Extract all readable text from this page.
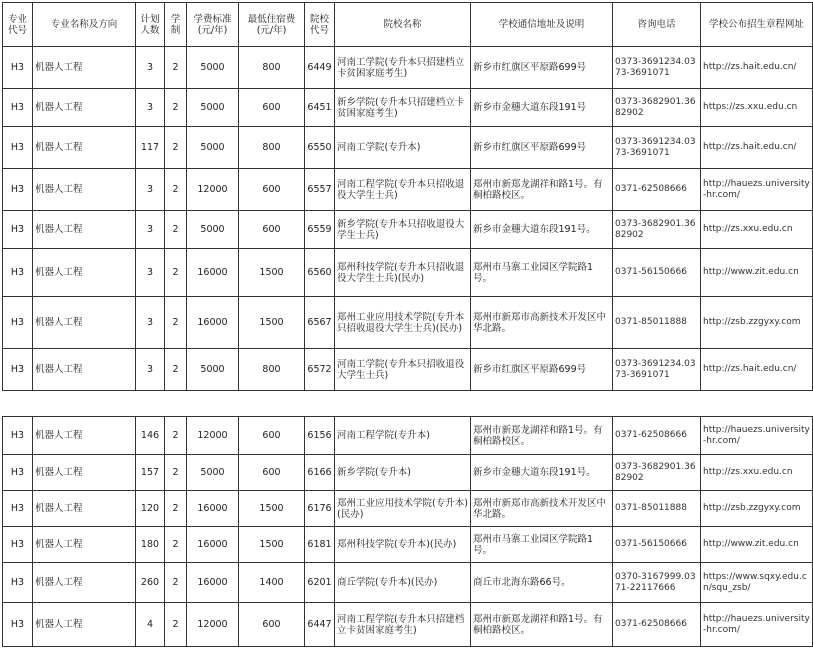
专业代号	专业名称及方向	计划人数	学制	学费标准(元/年)	最低住宿费(元/年)	院校代号	院校名称	学校通信地址及说明	咨询电话	学校公布招生章程网址
H3	机器人工程	3	2	5000	800	6449	河南工学院(专升本只招建档立卡贫困家庭考生)	新乡市红旗区平原路699号	0373-3691234.0373-3691071	http://zs.hait.edu.cn/
H3	机器人工程	3	2	5000	600	6451	新乡学院(专升本只招建档立卡贫困家庭考生)	新乡市金穗大道东段191号	0373-3682901.3682902	https://zs.xxu.edu.cn
H3	机器人工程	117	2	5000	800	6550	河南工学院(专升本)	新乡市红旗区平原路699号	0373-3691234.0373-3691071	http://zs.hait.edu.cn/
H3	机器人工程	3	2	12000	600	6557	河南工程学院(专升本只招收退役大学生士兵)	郑州市新郑龙湖祥和路1号。有桐柏路校区。	0371-62508666	http://hauezs.university-hr.com/
H3	机器人工程	3	2	5000	600	6559	新乡学院(专升本只招收退役大学生士兵)	新乡市金穗大道东段191号。	0373-3682901.3682902	http://zs.xxu.edu.cn
H3	机器人工程	3	2	16000	1500	6560	郑州科技学院(专升本只招收退役大学生士兵)(民办)	郑州市马寨工业园区学院路1号。	0371-56150666	http://www.zit.edu.cn
H3	机器人工程	3	2	16000	1500	6567	郑州工业应用技术学院(专升本只招收退役大学生士兵)(民办)	郑州市新郑市高新技术开发区中华北路。	0371-85011888	http://zsb.zzgyxy.com
H3	机器人工程	3	2	5000	800	6572	河南工学院(专升本只招收退役大学生士兵)	新乡市红旗区平原路699号	0373-3691234.0373-3691071	http://zs.hait.edu.cn/
H3	机器人工程	146	2	12000	600	6156	河南工程学院(专升本)	郑州市新郑龙湖祥和路1号。有桐柏路校区。	0371-62508666	http://hauezs.university-hr.com/
H3	机器人工程	157	2	5000	600	6166	新乡学院(专升本)	新乡市金穗大道东段191号。	0373-3682901.3682902	http://zs.xxu.edu.cn
H3	机器人工程	120	2	16000	1500	6176	郑州工业应用技术学院(专升本)(民办)	郑州市新郑市高新技术开发区中华北路。	0371-85011888	http://zsb.zzgyxy.com
H3	机器人工程	180	2	16000	1500	6181	郑州科技学院(专升本)(民办)	郑州市马寨工业园区学院路1号。	0371-56150666	http://www.zit.edu.cn
H3	机器人工程	260	2	16000	1400	6201	商丘学院(专升本)(民办)	商丘市北海东路66号。	0370-3167999.0371-22117666	https://www.sqxy.edu.cn/squ_zsb/
H3	机器人工程	4	2	12000	600	6447	河南工程学院(专升本只招建档立卡贫困家庭考生)	郑州市新郑龙湖祥和路1号。有桐柏路校区。	0371-62508666	http://hauezs.university-hr.com/
